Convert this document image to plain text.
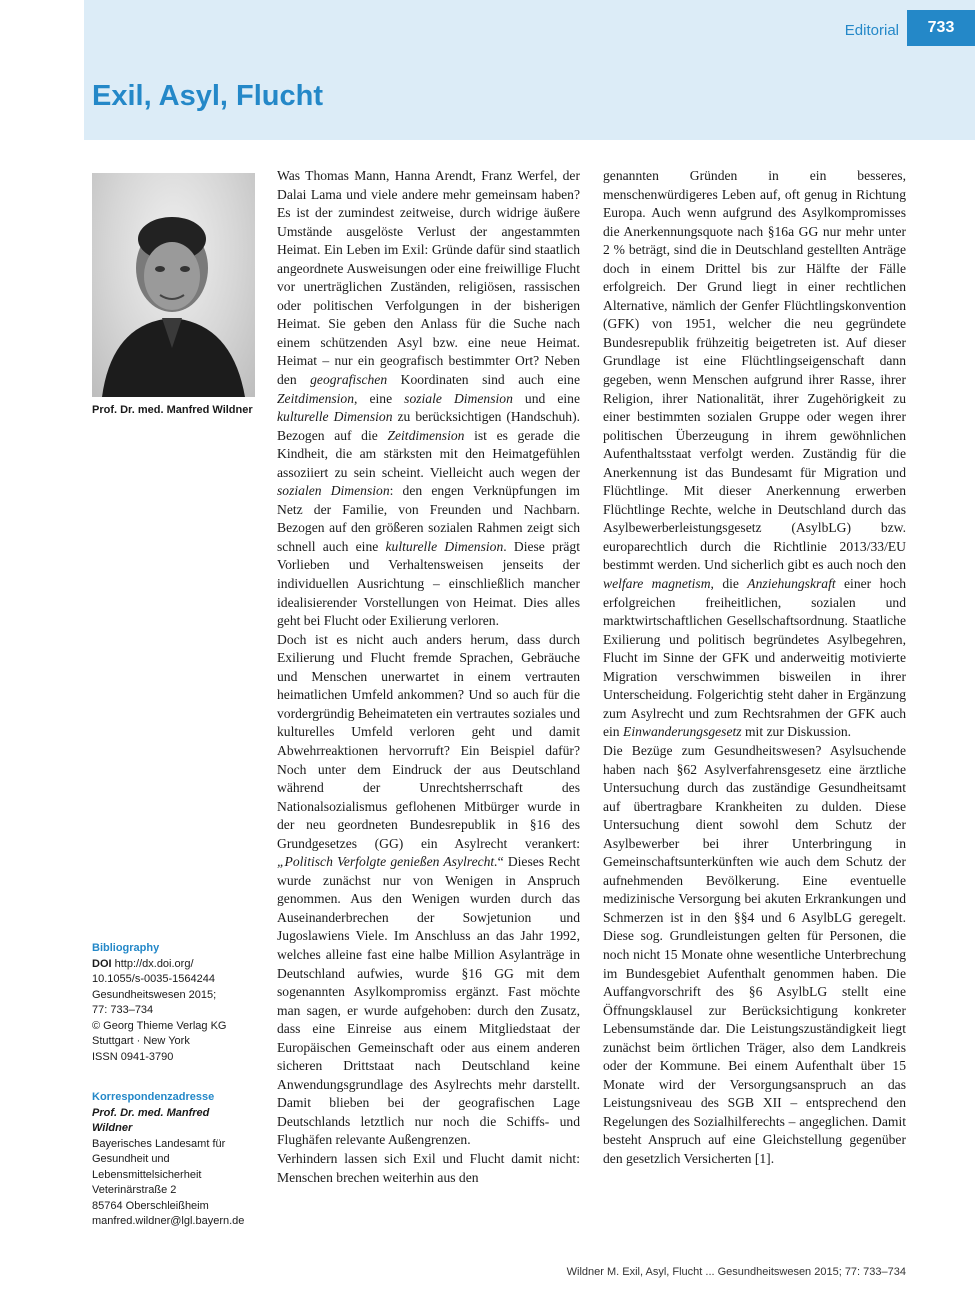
Editorial	733
Exil, Asyl, Flucht
Prof. Dr. med. Manfred Wildner
Bibliography
DOI http://dx.doi.org/
10.1055/s-0035-1564244
Gesundheitswesen 2015;
77: 733–734
© Georg Thieme Verlag KG
Stuttgart · New York
ISSN 0941-3790
Korrespondenzadresse
Prof. Dr. med. Manfred
Wildner
Bayerisches Landesamt für
Gesundheit und
Lebensmittelsicherheit
Veterinärstraße 2
85764 Oberschleißheim
manfred.wildner@lgl.bayern.de

Was Thomas Mann, Hanna Arendt, Franz Werfel, der Dalai Lama und viele andere mehr gemeinsam haben? Es ist der zumindest zeitweise, durch widrige äußere Umstände ausgelöste Verlust der angestammten Heimat. Ein Leben im Exil: Gründe dafür sind staatlich angeordnete Ausweisungen oder eine freiwillige Flucht vor unerträglichen Zuständen, religiösen, rassischen oder politischen Verfolgungen in der bisherigen Heimat. Sie geben den Anlass für die Suche nach einem schützenden Asyl bzw. eine neue Heimat. Heimat – nur ein geografisch bestimmter Ort? Neben den geografischen Koordinaten sind auch eine Zeitdimension, eine soziale Dimension und eine kulturelle Dimension zu berücksichtigen (Handschuh). Bezogen auf die Zeitdimension ist es gerade die Kindheit, die am stärksten mit den Heimatgefühlen assoziiert zu sein scheint. Vielleicht auch wegen der sozialen Dimension: den engen Verknüpfungen im Netz der Familie, von Freunden und Nachbarn. Bezogen auf den größeren sozialen Rahmen zeigt sich schnell auch eine kulturelle Dimension. Diese prägt Vorlieben und Verhaltensweisen jenseits der individuellen Ausrichtung – einschließlich mancher idealisierender Vorstellungen von Heimat. Dies alles geht bei Flucht oder Exilierung verloren.

Doch ist es nicht auch anders herum, dass durch Exilierung und Flucht fremde Sprachen, Gebräuche und Menschen unerwartet in einem vertrauten heimatlichen Umfeld ankommen? Und so auch für die vordergründig Beheimateten ein vertrautes soziales und kulturelles Umfeld verloren geht und damit Abwehrreaktionen hervorruft? Ein Beispiel dafür? Noch unter dem Eindruck der aus Deutschland während der Unrechtsherrschaft des Nationalsozialismus geflohenen Mitbürger wurde in der neu geordneten Bundesrepublik in §16 des Grundgesetzes (GG) ein Asylrecht verankert: „Politisch Verfolgte genießen Asylrecht.“ Dieses Recht wurde zunächst nur von Wenigen in Anspruch genommen. Aus den Wenigen wurden durch das Auseinanderbrechen der Sowjetunion und Jugoslawiens Viele. Im Anschluss an das Jahr 1992, welches alleine fast eine halbe Million Asylanträge in Deutschland aufwies, wurde §16 GG mit dem sogenannten Asylkompromiss ergänzt. Fast möchte man sagen, er wurde aufgehoben: durch den Zusatz, dass eine Einreise aus einem Mitgliedstaat der Europäischen Gemeinschaft oder aus einem anderen sicheren Drittstaat nach Deutschland keine Anwendungsgrundlage des Asylrechts mehr darstellt. Damit blieben bei der geografischen Lage Deutschlands letztlich nur noch die Schiffs- und Flughäfen relevante Außengrenzen.

Verhindern lassen sich Exil und Flucht damit nicht: Menschen brechen weiterhin aus den

genannten Gründen in ein besseres, menschenwürdigeres Leben auf, oft genug in Richtung Europa. Auch wenn aufgrund des Asylkompromisses die Anerkennungsquote nach §16a GG nur mehr unter 2 % beträgt, sind die in Deutschland gestellten Anträge doch in einem Drittel bis zur Hälfte der Fälle erfolgreich. Der Grund liegt in einer rechtlichen Alternative, nämlich der Genfer Flüchtlingskonvention (GFK) von 1951, welcher die neu gegründete Bundesrepublik frühzeitig beigetreten ist. Auf dieser Grundlage ist eine Flüchtlingseigenschaft dann gegeben, wenn Menschen aufgrund ihrer Rasse, ihrer Religion, ihrer Nationalität, ihrer Zugehörigkeit zu einer bestimmten sozialen Gruppe oder wegen ihrer politischen Überzeugung in ihrem gewöhnlichen Aufenthaltsstaat verfolgt werden. Zuständig für die Anerkennung ist das Bundesamt für Migration und Flüchtlinge. Mit dieser Anerkennung erwerben Flüchtlinge Rechte, welche in Deutschland durch das Asylbewerberleistungsgesetz (AsylbLG) bzw. europarechtlich durch die Richtlinie 2013/33/EU bestimmt werden. Und sicherlich gibt es auch noch den welfare magnetism, die Anziehungskraft einer hoch erfolgreichen freiheitlichen, sozialen und marktwirtschaftlichen Gesellschaftsordnung. Staatliche Exilierung und politisch begründetes Asylbegehren, Flucht im Sinne der GFK und anderweitig motivierte Migration verschwimmen bisweilen in ihrer Unterscheidung. Folgerichtig steht daher in Ergänzung zum Asylrecht und zum Rechtsrahmen der GFK auch ein Einwanderungsgesetz mit zur Diskussion.

Die Bezüge zum Gesundheitswesen? Asylsuchende haben nach §62 Asylverfahrensgesetz eine ärztliche Untersuchung durch das zuständige Gesundheitsamt auf übertragbare Krankheiten zu dulden. Diese Untersuchung dient sowohl dem Schutz der Asylbewerber bei ihrer Unterbringung in Gemeinschaftsunterkünften wie auch dem Schutz der aufnehmenden Bevölkerung. Eine eventuelle medizinische Versorgung bei akuten Erkrankungen und Schmerzen ist in den §§4 und 6 AsylbLG geregelt. Diese sog. Grundleistungen gelten für Personen, die noch nicht 15 Monate ohne wesentliche Unterbrechung im Bundesgebiet Aufenthalt genommen haben. Die Auffangvorschrift des §6 AsylbLG stellt eine Öffnungsklausel zur Berücksichtigung konkreter Lebensumstände dar. Die Leistungszuständigkeit liegt zunächst beim örtlichen Träger, also dem Landkreis oder der Kommune. Bei einem Aufenthalt über 15 Monate wird der Versorgungsanspruch an das Leistungsniveau des SGB XII – entsprechend den Regelungen des Sozialhilferechts – angeglichen. Damit besteht Anspruch auf eine Gleichstellung gegenüber den gesetzlich Versicherten [1].

Wildner M. Exil, Asyl, Flucht ... Gesundheitswesen 2015; 77: 733–734
